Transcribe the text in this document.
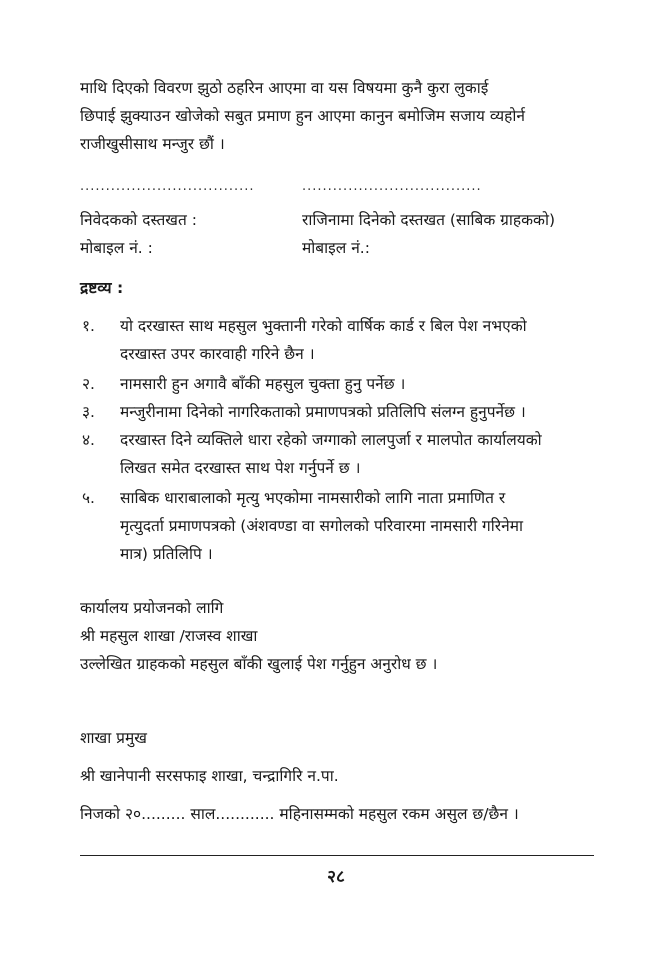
माथि दिएको विवरण झुठो ठहरिन आएमा वा यस विषयमा कुनै कुरा लुकाई
छिपाई झुक्याउन खोजेको सबुत प्रमाण हुन आएमा कानुन बमोजिम सजाय व्यहोर्न
राजीखुसीसाथ मन्जुर छौं ।
..................................	...................................
निवेदकको दस्तखत :	राजिनामा दिनेको दस्तखत (साबिक ग्राहकको)
मोबाइल नं. :	मोबाइल नं.:
द्रष्टव्य :
१. यो दरखास्त साथ महसुल भुक्तानी गरेको वार्षिक कार्ड र बिल पेश नभएको
दरखास्त उपर कारवाही गरिने छैन ।
२. नामसारी हुन अगावै बाँकी महसुल चुक्ता हुनु पर्नेछ ।
३. मन्जुरीनामा दिनेको नागरिकताको प्रमाणपत्रको प्रतिलिपि संलग्न हुनुपर्नेछ ।
४. दरखास्त दिने व्यक्तिले धारा रहेको जग्गाको लालपुर्जा र मालपोत कार्यालयको
लिखत समेत दरखास्त साथ पेश गर्नुपर्ने छ ।
५. साबिक धाराबालाको मृत्यु भएकोमा नामसारीको लागि नाता प्रमाणित र
मृत्युदर्ता प्रमाणपत्रको (अंशवण्डा वा सगोलको परिवारमा नामसारी गरिनेमा
मात्र) प्रतिलिपि ।
कार्यालय प्रयोजनको लागि
श्री महसुल शाखा /राजस्व शाखा
उल्लेखित ग्राहकको महसुल बाँकी खुलाई पेश गर्नुहुन अनुरोध छ ।
शाखा प्रमुख
श्री खानेपानी सरसफाइ शाखा, चन्द्रागिरि न.पा.
निजको २०......... साल............ महिनासम्मको महसुल रकम असुल छ/छैन ।
२८
